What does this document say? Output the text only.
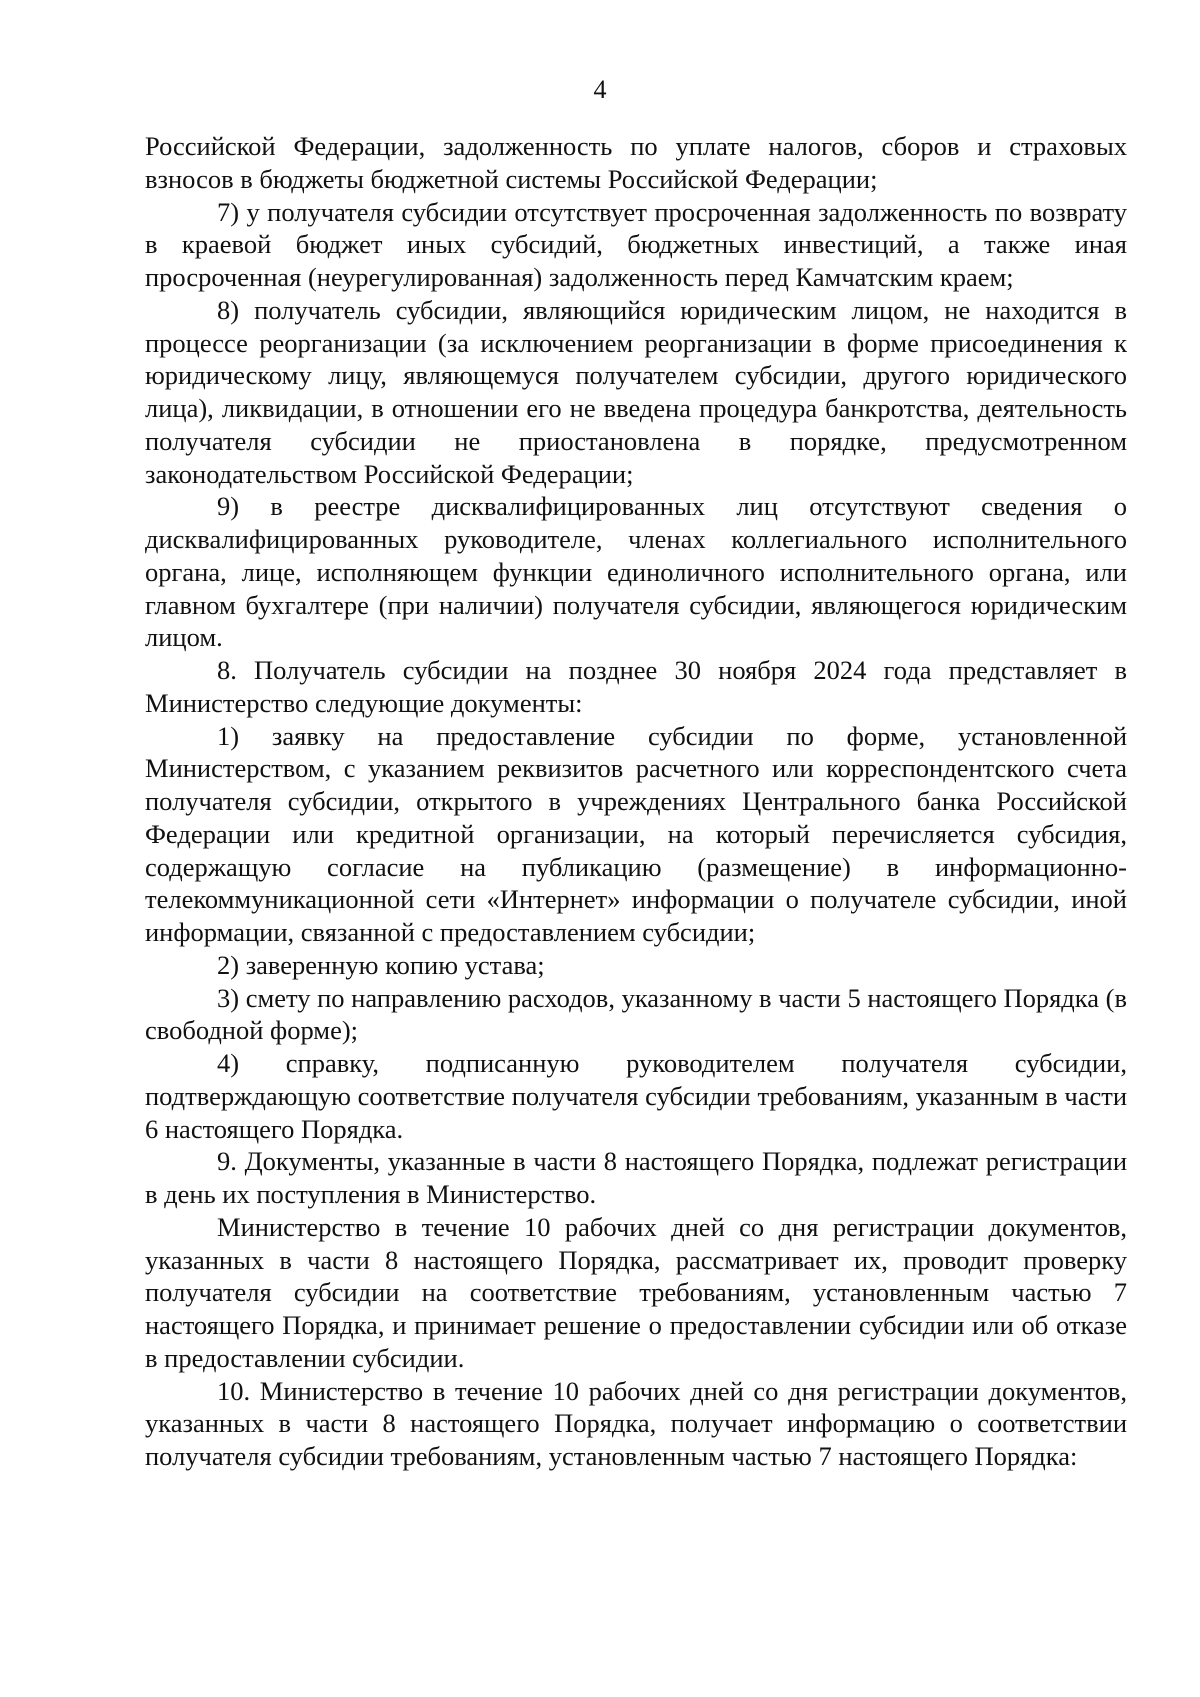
4

Российской Федерации, задолженность по уплате налогов, сборов и страховых взносов в бюджеты бюджетной системы Российской Федерации;

7) у получателя субсидии отсутствует просроченная задолженность по возврату в краевой бюджет иных субсидий, бюджетных инвестиций, а также иная просроченная (неурегулированная) задолженность перед Камчатским краем;

8) получатель субсидии, являющийся юридическим лицом, не находится в процессе реорганизации (за исключением реорганизации в форме присоединения к юридическому лицу, являющемуся получателем субсидии, другого юридического лица), ликвидации, в отношении его не введена процедура банкротства, деятельность получателя субсидии не приостановлена в порядке, предусмотренном законодательством Российской Федерации;

9) в реестре дисквалифицированных лиц отсутствуют сведения о дисквалифицированных руководителе, членах коллегиального исполнительного органа, лице, исполняющем функции единоличного исполнительного органа, или главном бухгалтере (при наличии) получателя субсидии, являющегося юридическим лицом.

8. Получатель субсидии на позднее 30 ноября 2024 года представляет в Министерство следующие документы:

1) заявку на предоставление субсидии по форме, установленной Министерством, с указанием реквизитов расчетного или корреспондентского счета получателя субсидии, открытого в учреждениях Центрального банка Российской Федерации или кредитной организации, на который перечисляется субсидия, содержащую согласие на публикацию (размещение) в информационно-телекоммуникационной сети «Интернет» информации о получателе субсидии, иной информации, связанной с предоставлением субсидии;

2) заверенную копию устава;

3) смету по направлению расходов, указанному в части 5 настоящего Порядка (в свободной форме);

4) справку, подписанную руководителем получателя субсидии, подтверждающую соответствие получателя субсидии требованиям, указанным в части 6 настоящего Порядка.

9. Документы, указанные в части 8 настоящего Порядка, подлежат регистрации в день их поступления в Министерство.

Министерство в течение 10 рабочих дней со дня регистрации документов, указанных в части 8 настоящего Порядка, рассматривает их, проводит проверку получателя субсидии на соответствие требованиям, установленным частью 7 настоящего Порядка, и принимает решение о предоставлении субсидии или об отказе в предоставлении субсидии.

10. Министерство в течение 10 рабочих дней со дня регистрации документов, указанных в части 8 настоящего Порядка, получает информацию о соответствии получателя субсидии требованиям, установленным частью 7 настоящего Порядка:
